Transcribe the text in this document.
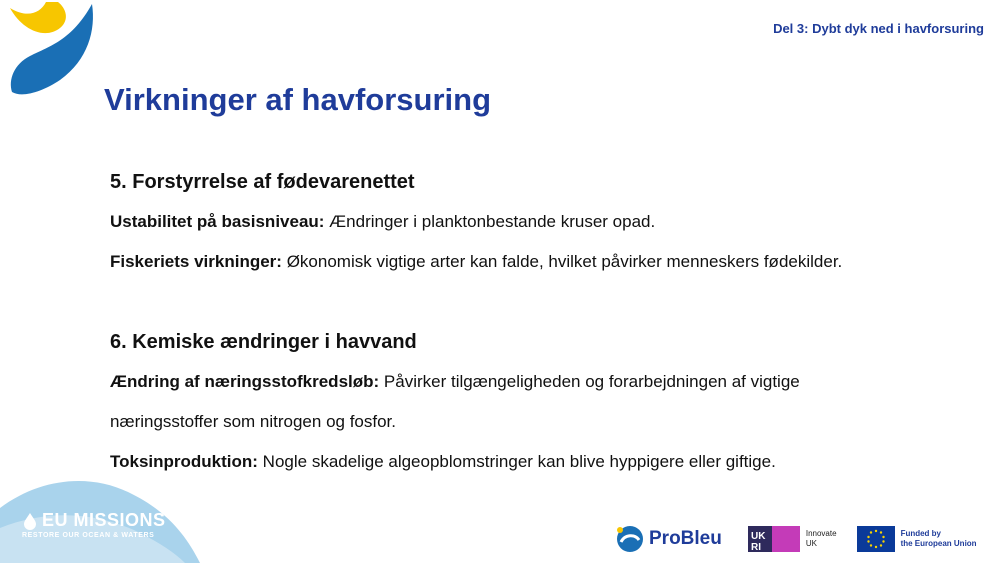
Del 3: Dybt dyk ned i havforsuring
Virkninger af havforsuring

5. Forstyrrelse af fødevarenettet

Ustabilitet på basisniveau: Ændringer i planktonbestande kruser opad.

Fiskeriets virkninger: Økonomisk vigtige arter kan falde, hvilket påvirker menneskers fødekilder.

6. Kemiske ændringer i havvand

Ændring af næringsstofkredsløb: Påvirker tilgængeligheden og forarbejdningen af vigtige

næringsstoffer som nitrogen og fosfor.

Toksinproduktion: Nogle skadelige algeopblomstringer kan blive hyppigere eller giftige.

EU MISSIONS
RESTORE OUR OCEAN & WATERS	ProBleu	UK
RI
Innovate
UK
Funded by
the European Union
